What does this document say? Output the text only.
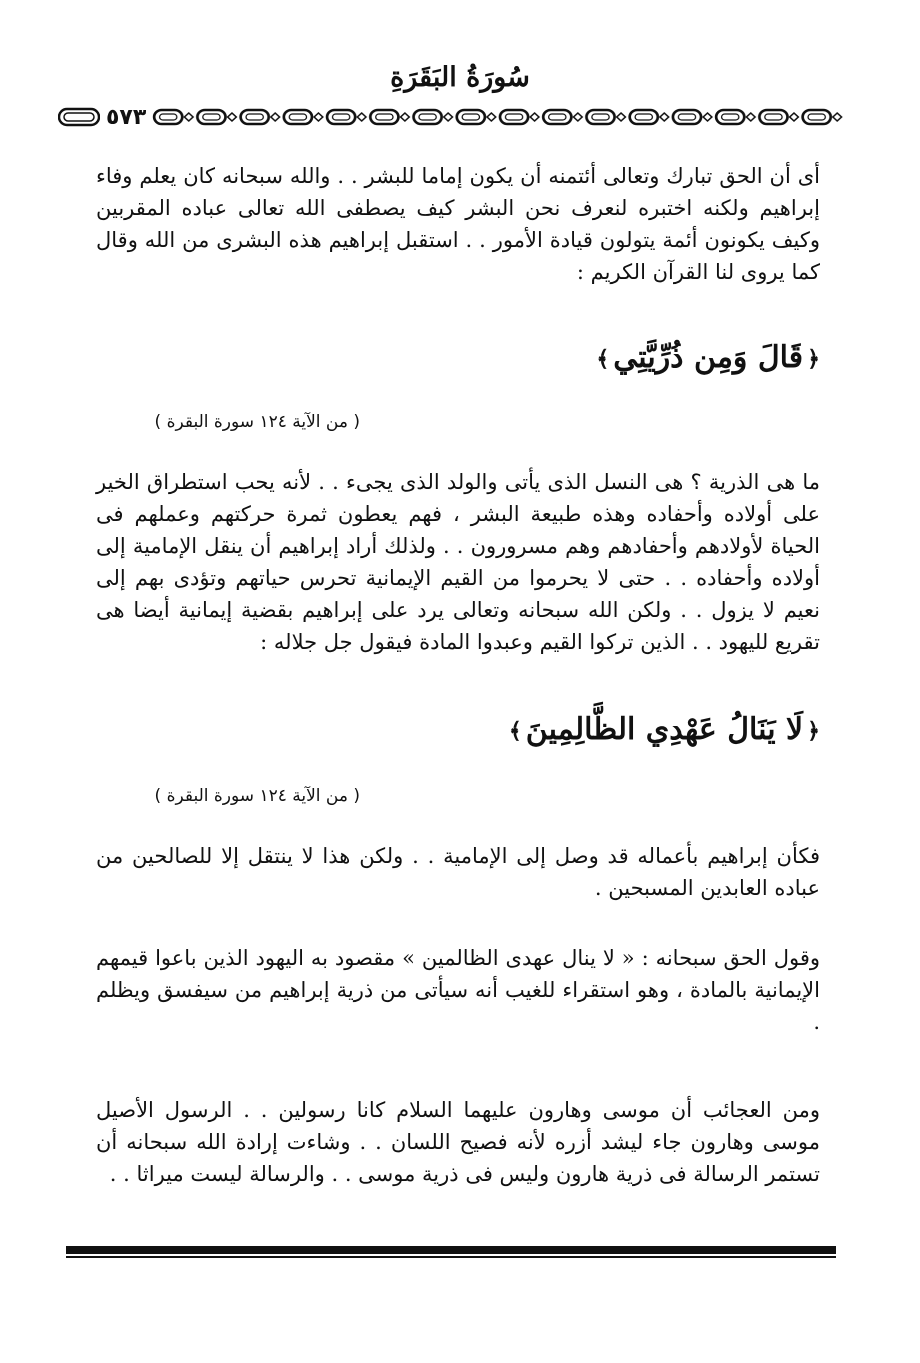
سُورَةُ البَقَرَةِ
٥٧٣
أى أن الحق تبارك وتعالى أئتمنه أن يكون إماما للبشر . . والله سبحانه كان يعلم وفاء إبراهيم ولكنه اختبره لنعرف نحن البشر كيف يصطفى الله تعالى عباده المقربين وكيف يكونون أئمة يتولون قيادة الأمور . . استقبل إبراهيم هذه البشرى من الله وقال كما يروى لنا القرآن الكريم :
﴿قَالَ وَمِن ذُرِّيَّتِي﴾
( من الآية ١٢٤ سورة البقرة )
ما هى الذرية ؟ هى النسل الذى يأتى والولد الذى يجىء . . لأنه يحب استطراق الخير على أولاده وأحفاده وهذه طبيعة البشر ، فهم يعطون ثمرة حركتهم وعملهم فى الحياة لأولادهم وأحفادهم وهم مسرورون . . ولذلك أراد إبراهيم أن ينقل الإمامية إلى أولاده وأحفاده . . حتى لا يحرموا من القيم الإيمانية تحرس حياتهم وتؤدى بهم إلى نعيم لا يزول . . ولكن الله سبحانه وتعالى يرد على إبراهيم بقضية إيمانية أيضا هى تقريع لليهود . . الذين تركوا القيم وعبدوا المادة فيقول جل جلاله :
﴿لَا يَنَالُ عَهْدِي الظَّالِمِينَ﴾
( من الآية ١٢٤ سورة البقرة )
فكأن إبراهيم بأعماله قد وصل إلى الإمامية . . ولكن هذا لا ينتقل إلا للصالحين من عباده العابدين المسبحين .
وقول الحق سبحانه : « لا ينال عهدى الظالمين » مقصود به اليهود الذين باعوا قيمهم الإيمانية بالمادة ، وهو استقراء للغيب أنه سيأتى من ذرية إبراهيم من سيفسق ويظلم .
ومن العجائب أن موسى وهارون عليهما السلام كانا رسولين . . الرسول الأصيل موسى وهارون جاء ليشد أزره لأنه فصيح اللسان . . وشاءت إرادة الله سبحانه أن تستمر الرسالة فى ذرية هارون وليس فى ذرية موسى . . والرسالة ليست ميراثا . .
